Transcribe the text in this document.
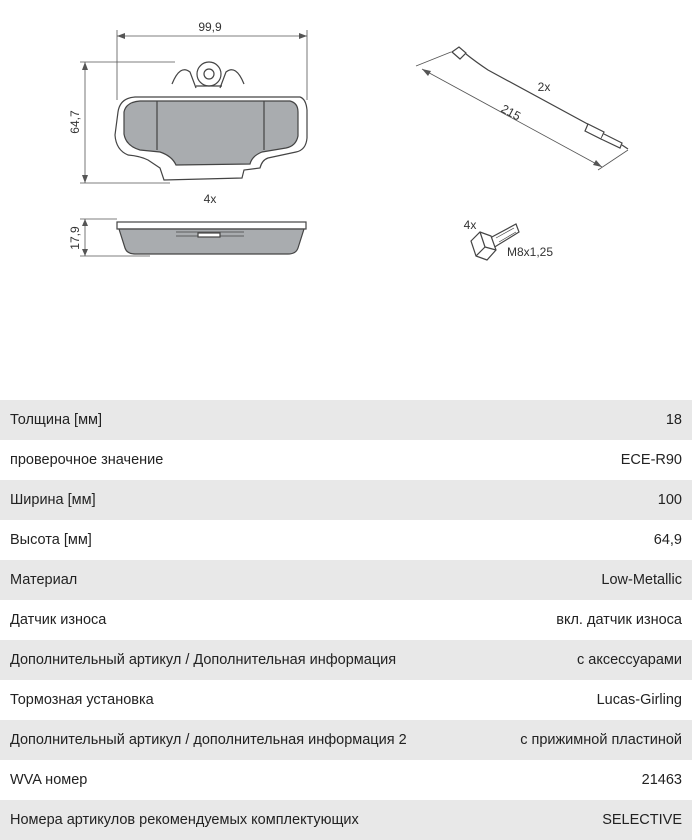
99,9
64,7
17,9
4x
2x
215
4x
M8x1,25
Толщина [мм]	18
проверочное значение	ECE-R90
Ширина [мм]	100
Высота [мм]	64,9
Материал	Low-Metallic
Датчик износа	вкл. датчик износа
Дополнительный артикул / Дополнительная информация	с аксессуарами
Тормозная установка	Lucas-Girling
Дополнительный артикул / дополнительная информация 2	с прижимной пластиной
WVA номер	21463
Номера артикулов рекомендуемых комплектующих	SELECTIVE
